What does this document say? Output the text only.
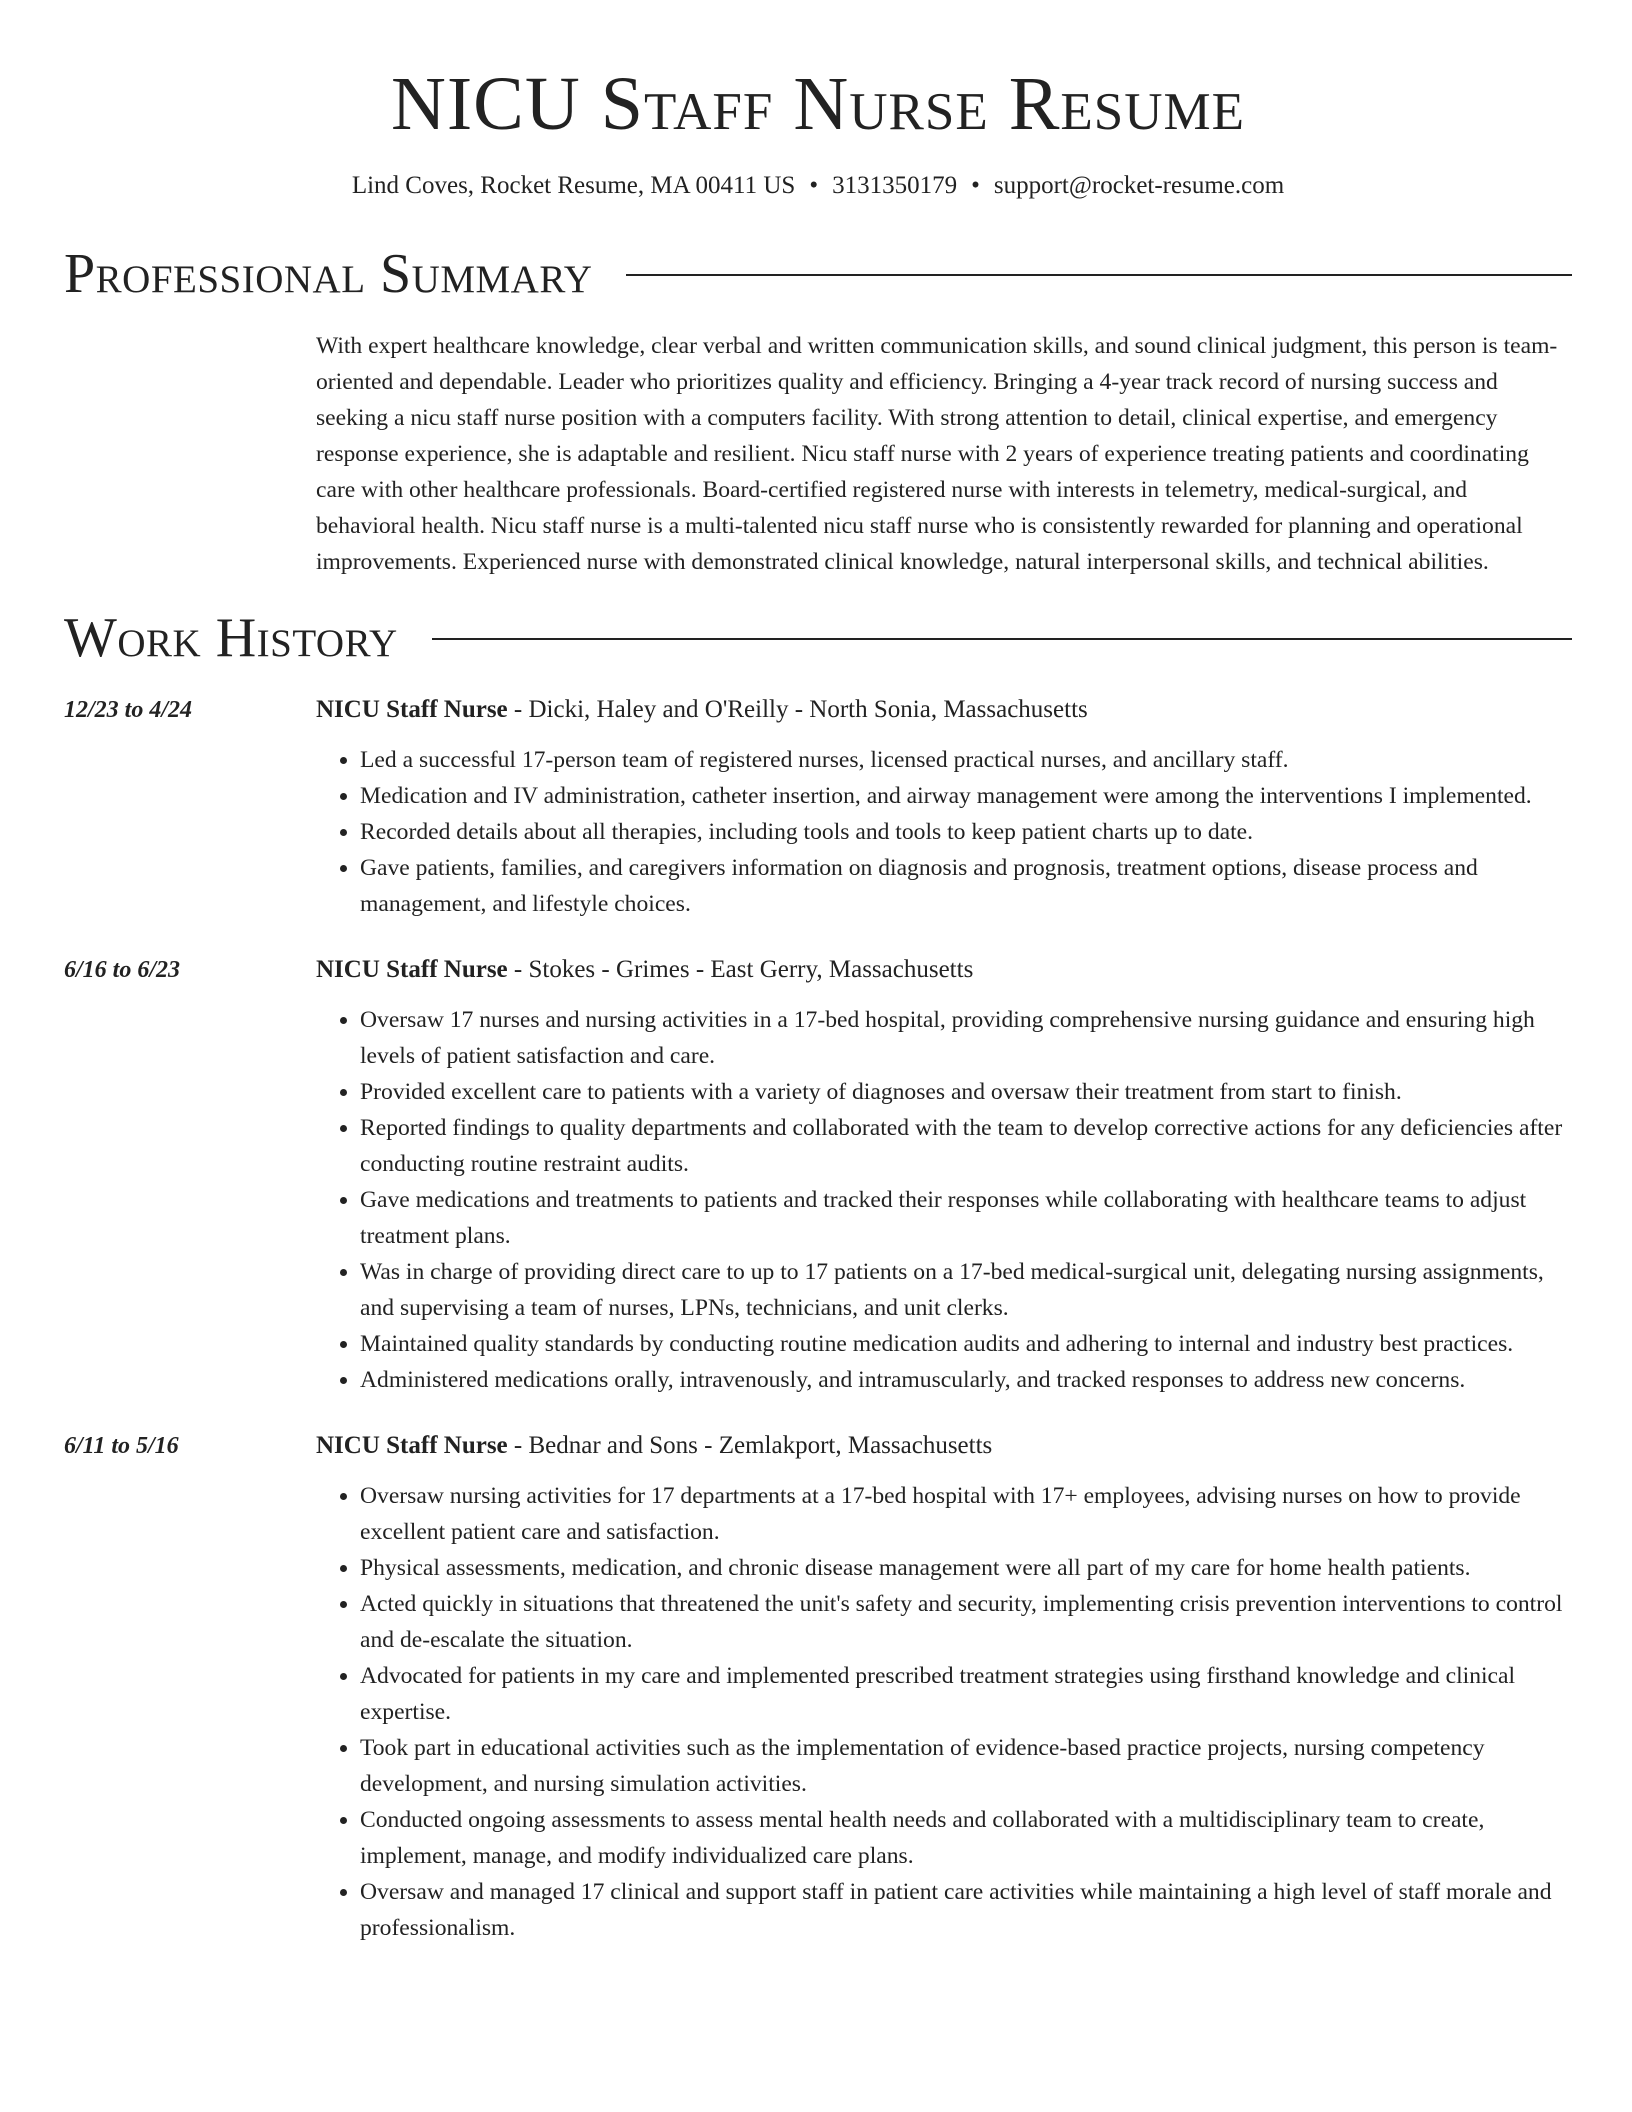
NICU Staff Nurse Resume
Lind Coves, Rocket Resume, MA 00411 US • 3131350179 • support@rocket-resume.com
Professional Summary

With expert healthcare knowledge, clear verbal and written communication skills, and sound clinical judgment, this person is team-oriented and dependable. Leader who prioritizes quality and efficiency. Bringing a 4-year track record of nursing success and seeking a nicu staff nurse position with a computers facility. With strong attention to detail, clinical expertise, and emergency response experience, she is adaptable and resilient. Nicu staff nurse with 2 years of experience treating patients and coordinating care with other healthcare professionals. Board-certified registered nurse with interests in telemetry, medical-surgical, and behavioral health. Nicu staff nurse is a multi-talented nicu staff nurse who is consistently rewarded for planning and operational improvements. Experienced nurse with demonstrated clinical knowledge, natural interpersonal skills, and technical abilities.

Work History
12/23 to 4/24	NICU Staff Nurse - Dicki, Haley and O'Reilly - North Sonia, Massachusetts
• Led a successful 17-person team of registered nurses, licensed practical nurses, and ancillary staff.
• Medication and IV administration, catheter insertion, and airway management were among the interventions I implemented.
• Recorded details about all therapies, including tools and tools to keep patient charts up to date.
• Gave patients, families, and caregivers information on diagnosis and prognosis, treatment options, disease process and management, and lifestyle choices.
6/16 to 6/23	NICU Staff Nurse - Stokes - Grimes - East Gerry, Massachusetts
• Oversaw 17 nurses and nursing activities in a 17-bed hospital, providing comprehensive nursing guidance and ensuring high levels of patient satisfaction and care.
• Provided excellent care to patients with a variety of diagnoses and oversaw their treatment from start to finish.
• Reported findings to quality departments and collaborated with the team to develop corrective actions for any deficiencies after conducting routine restraint audits.
• Gave medications and treatments to patients and tracked their responses while collaborating with healthcare teams to adjust treatment plans.
• Was in charge of providing direct care to up to 17 patients on a 17-bed medical-surgical unit, delegating nursing assignments, and supervising a team of nurses, LPNs, technicians, and unit clerks.
• Maintained quality standards by conducting routine medication audits and adhering to internal and industry best practices.
• Administered medications orally, intravenously, and intramuscularly, and tracked responses to address new concerns.
6/11 to 5/16	NICU Staff Nurse - Bednar and Sons - Zemlakport, Massachusetts
• Oversaw nursing activities for 17 departments at a 17-bed hospital with 17+ employees, advising nurses on how to provide excellent patient care and satisfaction.
• Physical assessments, medication, and chronic disease management were all part of my care for home health patients.
• Acted quickly in situations that threatened the unit's safety and security, implementing crisis prevention interventions to control and de-escalate the situation.
• Advocated for patients in my care and implemented prescribed treatment strategies using firsthand knowledge and clinical expertise.
• Took part in educational activities such as the implementation of evidence-based practice projects, nursing competency development, and nursing simulation activities.
• Conducted ongoing assessments to assess mental health needs and collaborated with a multidisciplinary team to create, implement, manage, and modify individualized care plans.
• Oversaw and managed 17 clinical and support staff in patient care activities while maintaining a high level of staff morale and professionalism.
